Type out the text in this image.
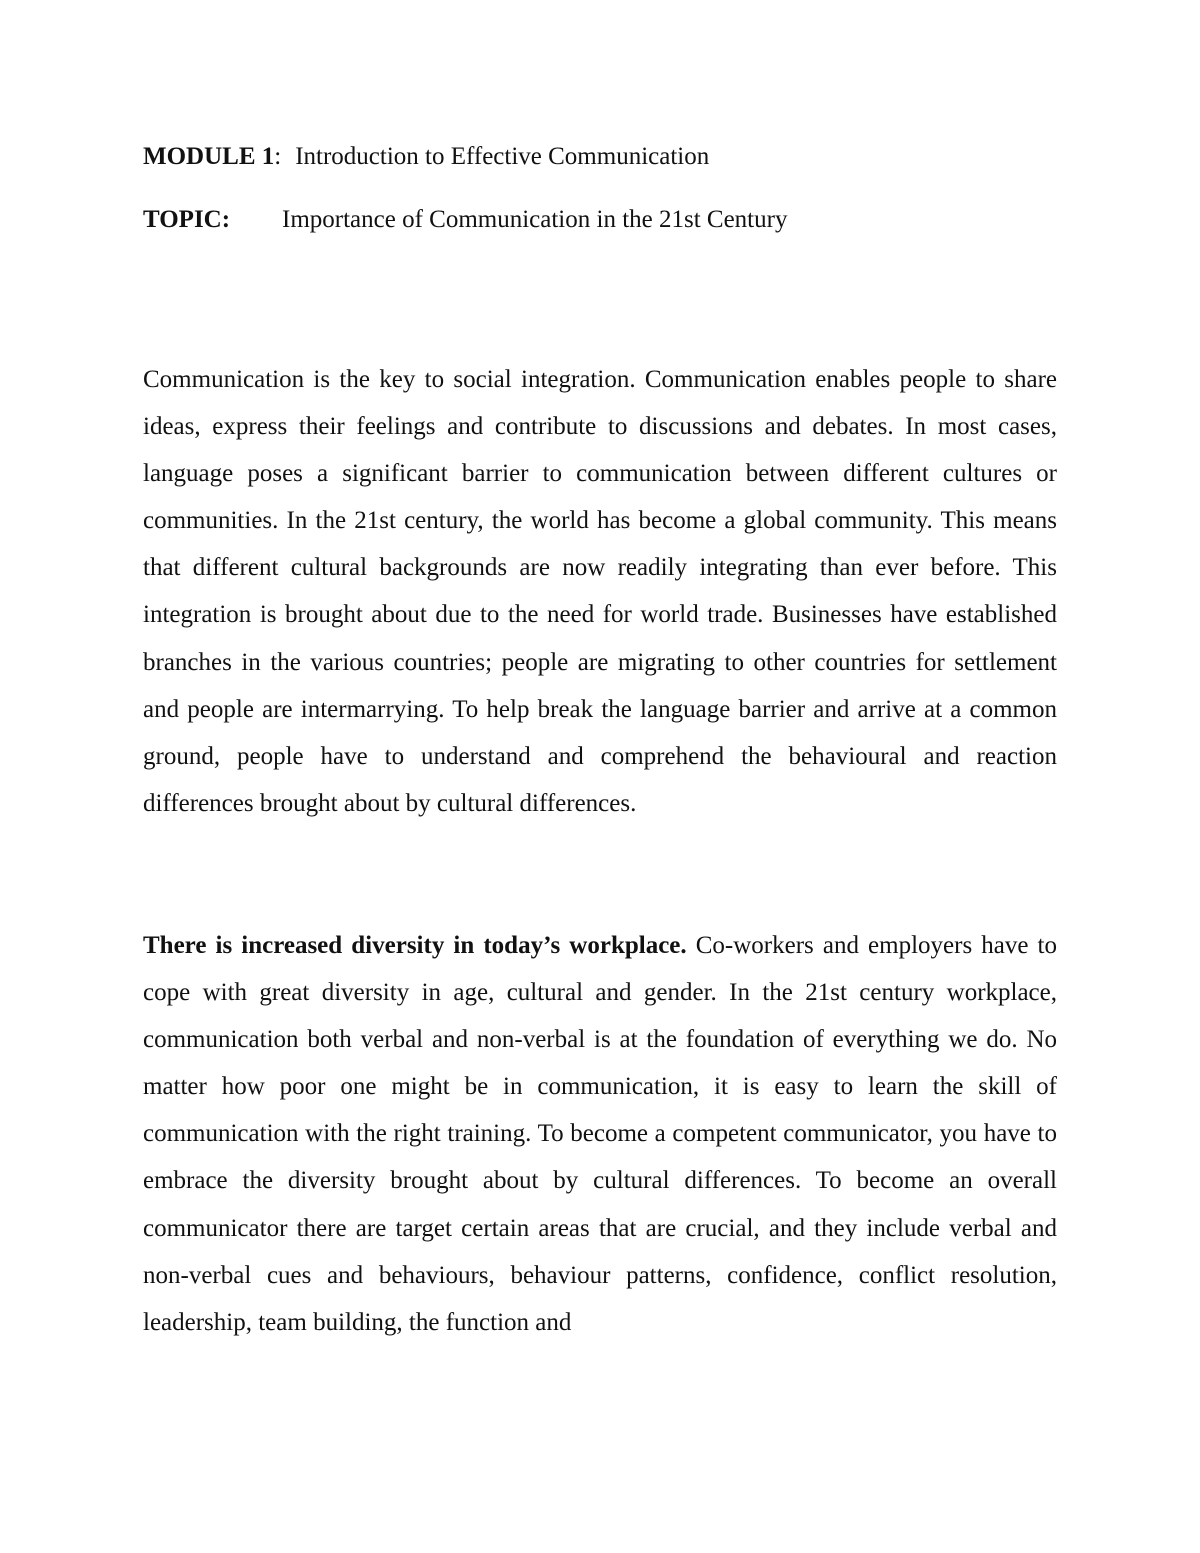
MODULE 1: Introduction to Effective Communication
TOPIC: Importance of Communication in the 21st Century

Communication is the key to social integration. Communication enables people to share ideas, express their feelings and contribute to discussions and debates. In most cases, language poses a significant barrier to communication between different cultures or communities. In the 21st century, the world has become a global community. This means that different cultural backgrounds are now readily integrating than ever before. This integration is brought about due to the need for world trade. Businesses have established branches in the various countries; people are migrating to other countries for settlement and people are intermarrying. To help break the language barrier and arrive at a common ground, people have to understand and comprehend the behavioural and reaction differences brought about by cultural differences.

There is increased diversity in today’s workplace. Co-workers and employers have to cope with great diversity in age, cultural and gender. In the 21st century workplace, communication both verbal and non-verbal is at the foundation of everything we do. No matter how poor one might be in communication, it is easy to learn the skill of communication with the right training. To become a competent communicator, you have to embrace the diversity brought about by cultural differences. To become an overall communicator there are target certain areas that are crucial, and they include verbal and non-verbal cues and behaviours, behaviour patterns, confidence, conflict resolution, leadership, team building, the function and
